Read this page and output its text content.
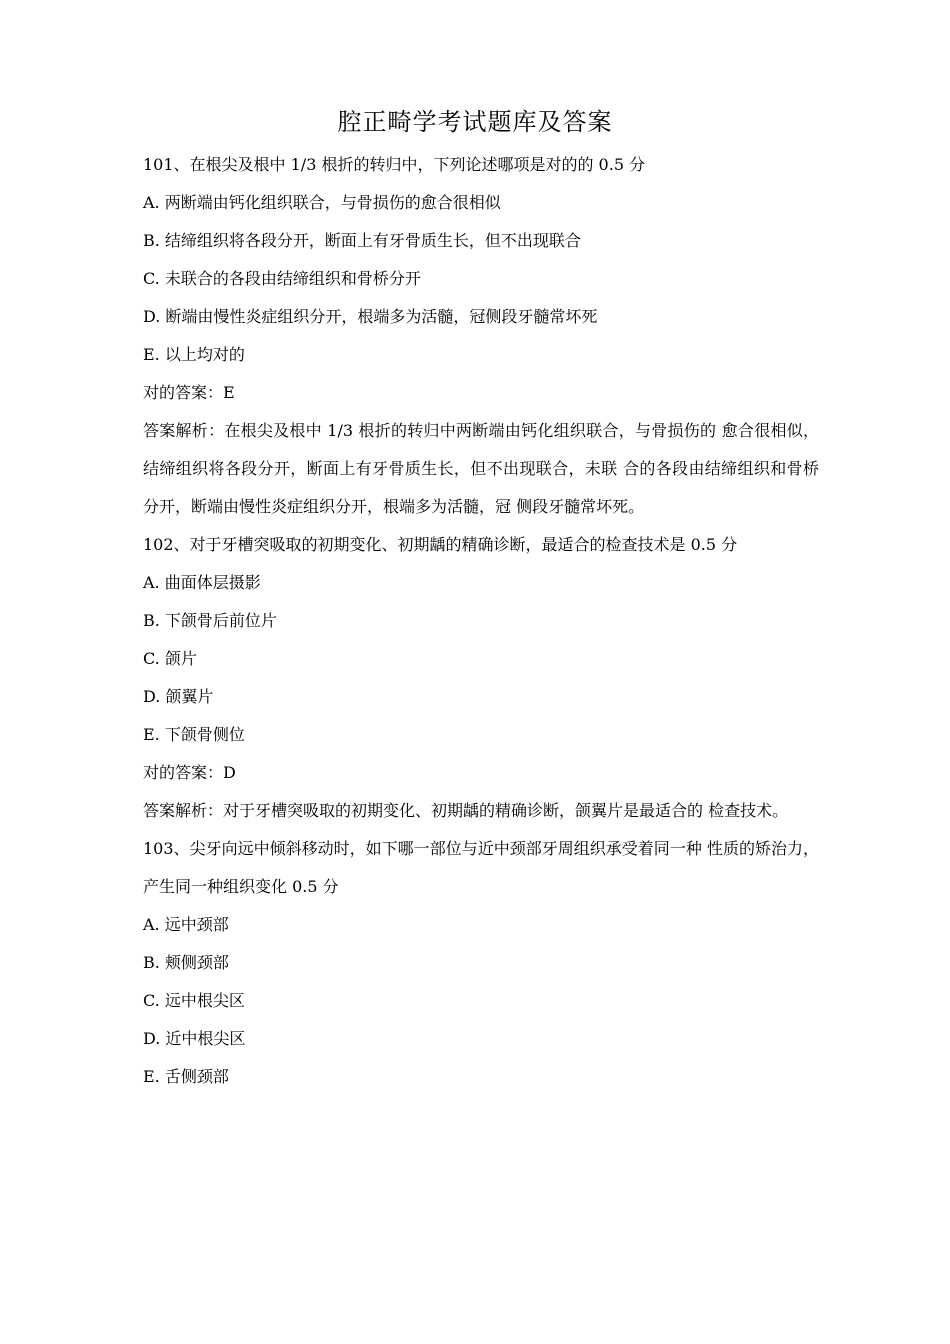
腔正畸学考试题库及答案
101、在根尖及根中 1/3 根折的转归中，下列论述哪项是对的的 0.5 分
A. 两断端由钙化组织联合，与骨损伤的愈合很相似
B. 结缔组织将各段分开，断面上有牙骨质生长，但不出现联合
C. 未联合的各段由结缔组织和骨桥分开
D. 断端由慢性炎症组织分开，根端多为活髓，冠侧段牙髓常坏死
E. 以上均对的
对的答案：E
答案解析：在根尖及根中 1/3 根折的转归中两断端由钙化组织联合，与骨损伤的 愈合很相似，结缔组织将各段分开，断面上有牙骨质生长，但不出现联合，未联 合的各段由结缔组织和骨桥分开，断端由慢性炎症组织分开，根端多为活髓，冠 侧段牙髓常坏死。
102、对于牙槽突吸取的初期变化、初期龋的精确诊断，最适合的检查技术是 0.5 分
A. 曲面体层摄影
B. 下颌骨后前位片
C. 颌片
D. 颌翼片
E. 下颌骨侧位
对的答案：D
答案解析：对于牙槽突吸取的初期变化、初期龋的精确诊断，颌翼片是最适合的 检查技术。
103、尖牙向远中倾斜移动时，如下哪一部位与近中颈部牙周组织承受着同一种 性质的矫治力，产生同一种组织变化 0.5 分
A. 远中颈部
B. 颊侧颈部
C. 远中根尖区
D. 近中根尖区
E. 舌侧颈部
